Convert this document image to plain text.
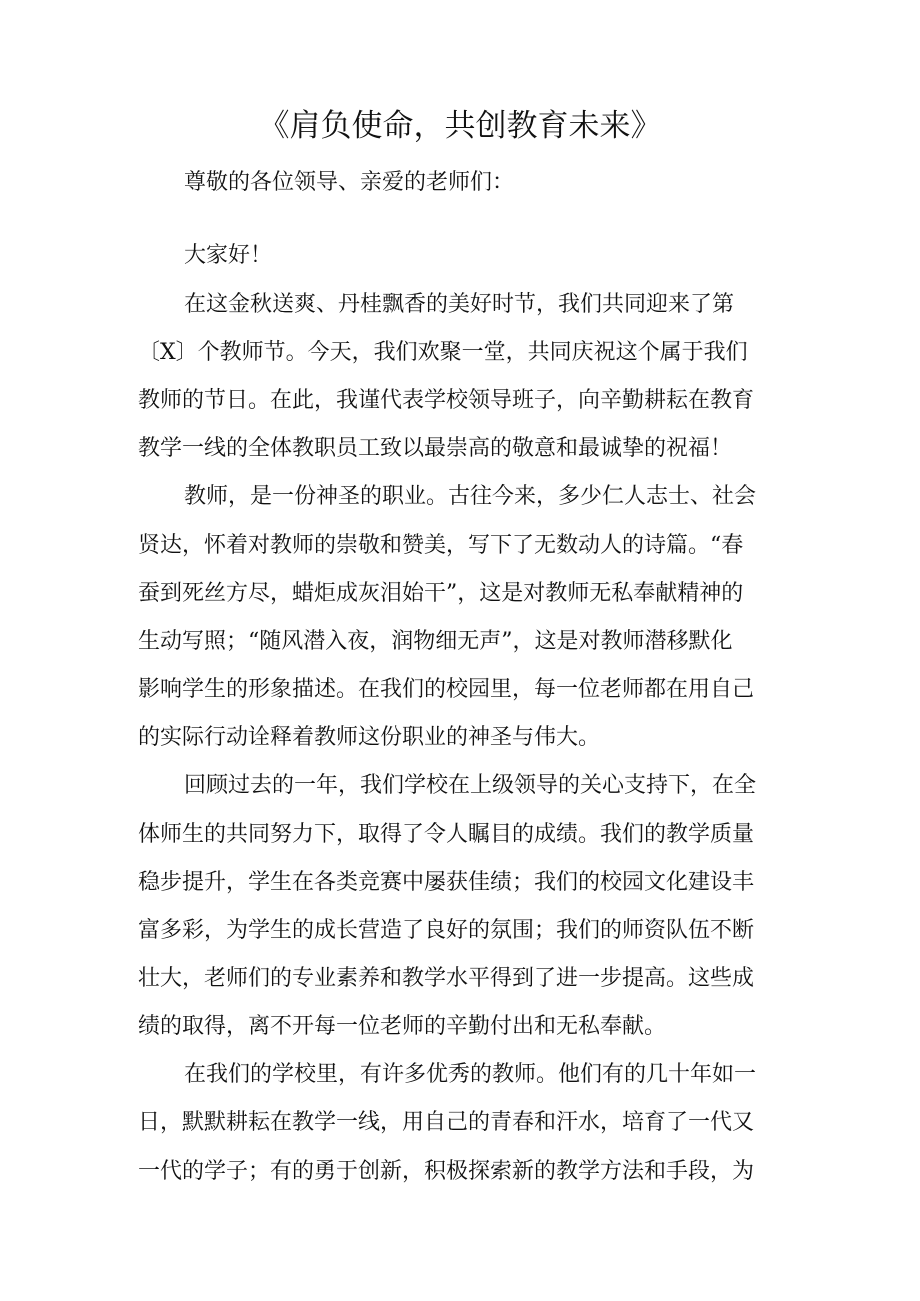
《肩负使命，共创教育未来》
尊敬的各位领导、亲爱的老师们：
大家好！
在这金秋送爽、丹桂飘香的美好时节，我们共同迎来了第
〔X〕个教师节。今天，我们欢聚一堂，共同庆祝这个属于我们
教师的节日。在此，我谨代表学校领导班子，向辛勤耕耘在教育
教学一线的全体教职员工致以最崇高的敬意和最诚挚的祝福！
教师，是一份神圣的职业。古往今来，多少仁人志士、社会
贤达，怀着对教师的崇敬和赞美，写下了无数动人的诗篇。“春
蚕到死丝方尽，蜡炬成灰泪始干”，这是对教师无私奉献精神的
生动写照；“随风潜入夜，润物细无声”，这是对教师潜移默化
影响学生的形象描述。在我们的校园里，每一位老师都在用自己
的实际行动诠释着教师这份职业的神圣与伟大。
回顾过去的一年，我们学校在上级领导的关心支持下，在全
体师生的共同努力下，取得了令人瞩目的成绩。我们的教学质量
稳步提升，学生在各类竞赛中屡获佳绩；我们的校园文化建设丰
富多彩，为学生的成长营造了良好的氛围；我们的师资队伍不断
壮大，老师们的专业素养和教学水平得到了进一步提高。这些成
绩的取得，离不开每一位老师的辛勤付出和无私奉献。
在我们的学校里，有许多优秀的教师。他们有的几十年如一
日，默默耕耘在教学一线，用自己的青春和汗水，培育了一代又
一代的学子；有的勇于创新，积极探索新的教学方法和手段，为
